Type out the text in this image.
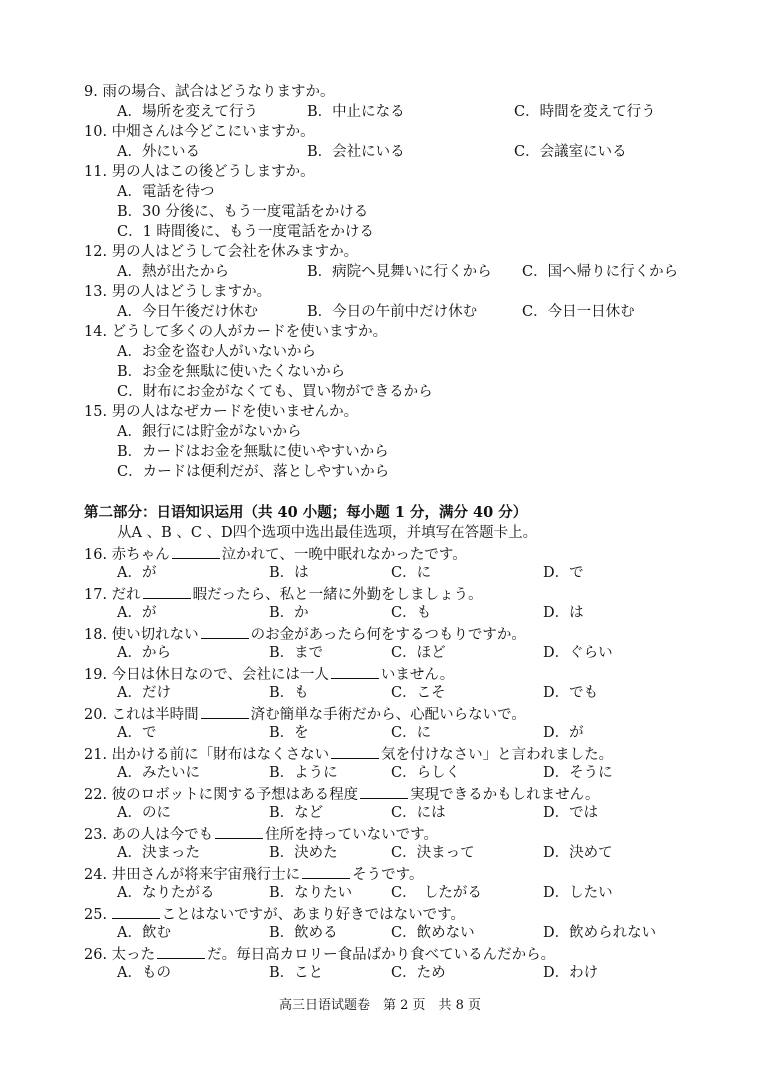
9. 雨の場合、試合はどうなりますか。
A．場所を変えて行う	B．中止になる	C．時間を変えて行う
10. 中畑さんは今どこにいますか。
A．外にいる	B．会社にいる	C．会議室にいる
11. 男の人はこの後どうしますか。
A．電話を待つ
B．30 分後に、もう一度電話をかける
C．1 時間後に、もう一度電話をかける
12. 男の人はどうして会社を休みますか。
A．熱が出たから	B．病院へ見舞いに行くから C．国へ帰りに行くから
13. 男の人はどうしますか。
A．今日午後だけ休む	B．今日の午前中だけ休む	C．今日一日休む
14. どうして多くの人がカードを使いますか。
A．お金を盗む人がいないから
B．お金を無駄に使いたくないから
C．財布にお金がなくても、買い物ができるから
15. 男の人はなぜカードを使いませんか。
A．銀行には貯金がないから
B．カードはお金を無駄に使いやすいから
C．カードは便利だが、落としやすいから
第二部分：日语知识运用（共 40 小题；每小题 1 分，满分 40 分）
从A 、B 、C 、D四个选项中选出最佳选项，并填写在答题卡上。
16. 赤ちゃん	泣かれて、一晩中眠れなかったです。
A．が	B．は	C．に	D．で
17. だれ	暇だったら、私と一緒に外勤をしましょう。
A．が	B．か	C．も	D．は
18. 使い切れない	のお金があったら何をするつもりですか。
A．から	B．まで	C．ほど	D．ぐらい
19. 今日は休日なので、会社には一人	いません。
A．だけ	B．も	C．こそ	D．でも
20. これは半時間	済む簡単な手術だから、心配いらないで。
A．で	B．を	C．に	D．が
21. 出かける前に「財布はなくさない	気を付けなさい」と言われました。
A．みたいに	B．ように	C．らしく	D．そうに
22. 彼のロボットに関する予想はある程度	実現できるかもしれません。
A．のに	B．など	C．には	D．では
23. あの人は今でも	住所を持っていないです。
A．決まった	B．決めた	C．決まって	D．決めて
24. 井田さんが将来宇宙飛行士に	そうです。
A．なりたがる	B．なりたい	C．　したがる	D．したい
25.	ことはないですが、あまり好きではないです。
A．飲む	B．飲める	C．飲めない	D．飲められない
26. 太った	だ。毎日高カロリー食品ばかり食べているんだから。
A．もの	B．こと	C．ため	D．わけ
高三日语试题卷　第 2 页　共 8 页
